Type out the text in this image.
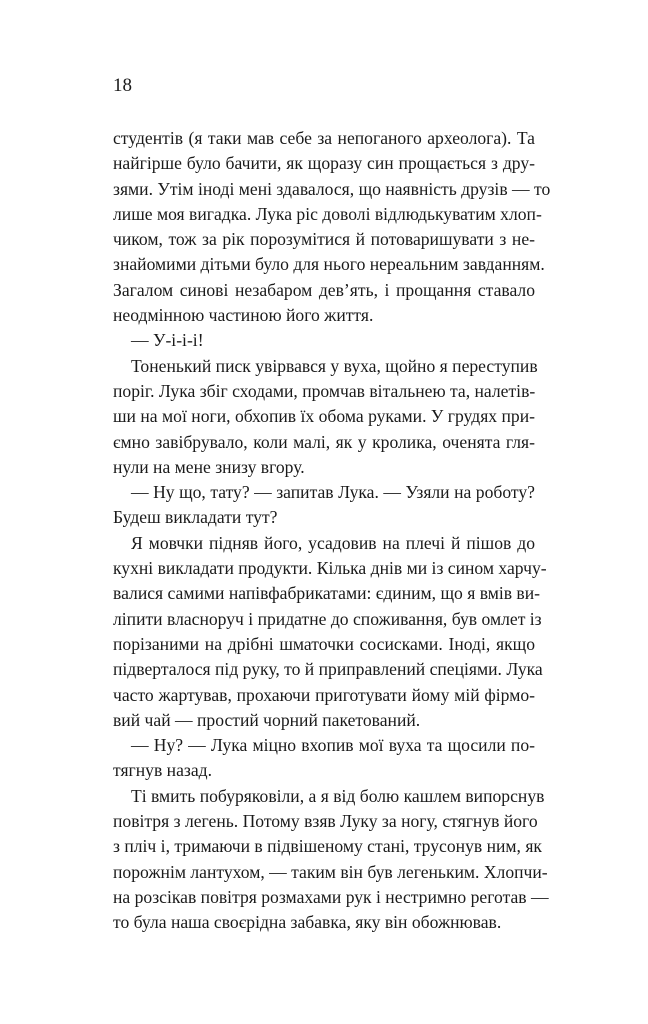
18
студентів (я таки мав себе за непоганого археолога). Та
найгірше було бачити, як щоразу син прощається з дру-
зями. Утім іноді мені здавалося, що наявність друзів — то
лише моя вигадка. Лука ріс доволі відлюдькуватим хлоп-
чиком, тож за рік порозумітися й потоваришувати з не-
знайомими дітьми було для нього нереальним завданням.
Загалом синові незабаром дев’ять, і прощання ставало
неодмінною частиною його життя.
— У-і-і-і!
Тоненький писк увірвався у вуха, щойно я переступив
поріг. Лука збіг сходами, промчав вітальнею та, налетів-
ши на мої ноги, обхопив їх обома руками. У грудях при-
ємно завібрувало, коли малі, як у кролика, оченята гля-
нули на мене знизу вгору.
— Ну що, тату? — запитав Лука. — Узяли на роботу?
Будеш викладати тут?
Я мовчки підняв його, усадовив на плечі й пішов до
кухні викладати продукти. Кілька днів ми із сином харчу-
валися самими напівфабрикатами: єдиним, що я вмів ви-
ліпити власноруч і придатне до споживання, був омлет із
порізаними на дрібні шматочки сосисками. Іноді, якщо
підверталося під руку, то й приправлений спеціями. Лука
часто жартував, прохаючи приготувати йому мій фірмо-
вий чай — простий чорний пакетований.
— Ну? — Лука міцно вхопив мої вуха та щосили по-
тягнув назад.
Ті вмить побуряковіли, а я від болю кашлем випорснув
повітря з легень. Потому взяв Луку за ногу, стягнув його
з пліч і, тримаючи в підвішеному стані, трусонув ним, як
порожнім лантухом, — таким він був легеньким. Хлопчи-
на розсікав повітря розмахами рук і нестримно реготав —
то була наша своєрідна забавка, яку він обожнював.
